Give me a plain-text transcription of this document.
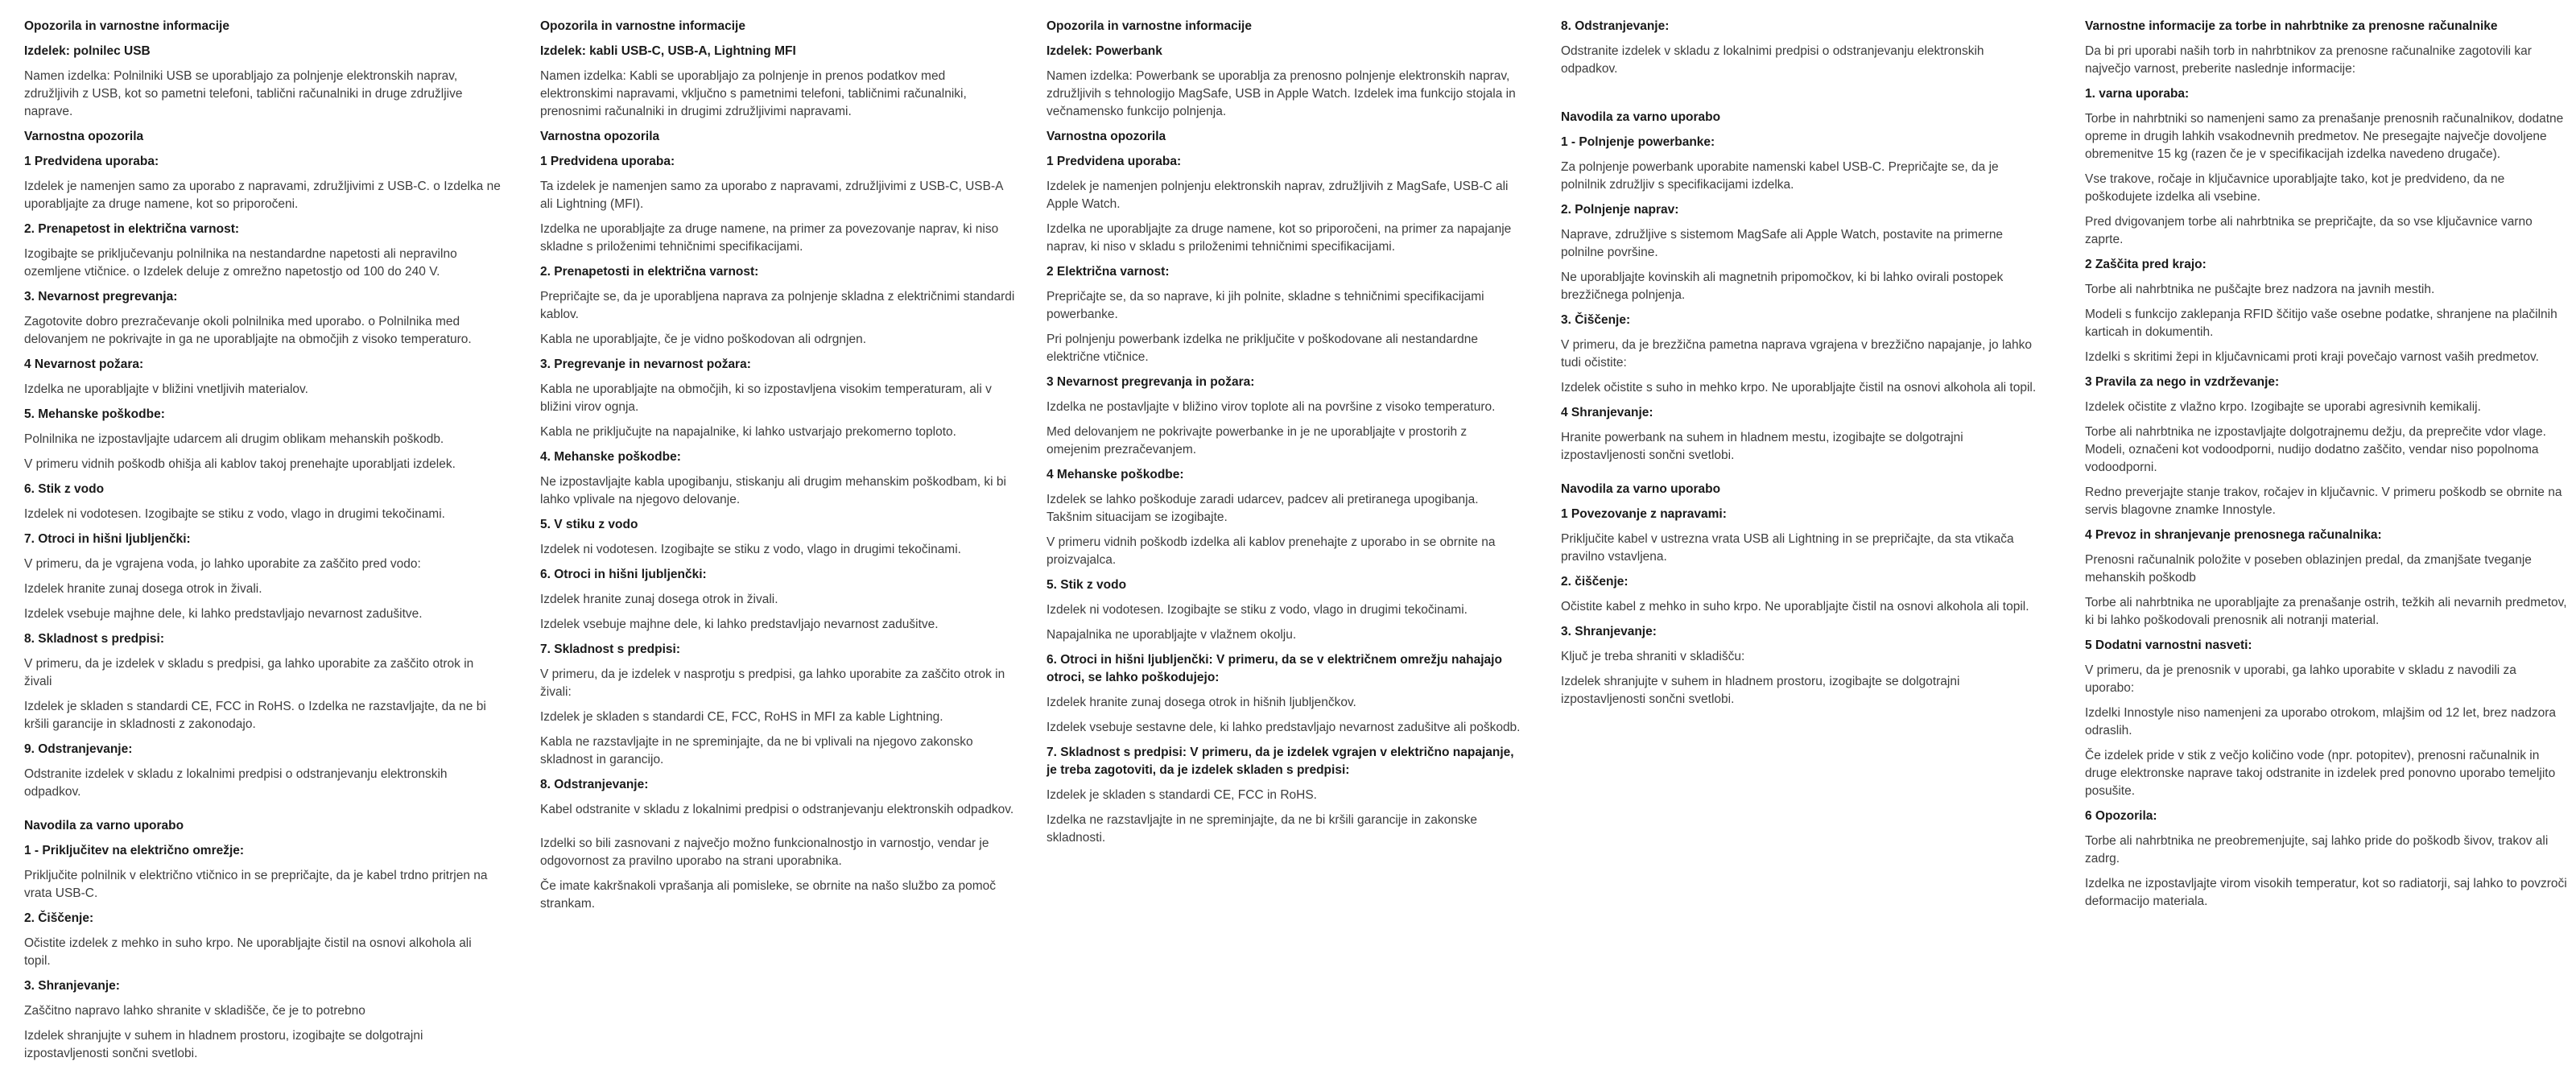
Opozorila in varnostne informacije
Izdelek: polnilec USB
Namen izdelka: Polnilniki USB se uporabljajo za polnjenje elektronskih naprav, združljivih z USB, kot so pametni telefoni, tablični računalniki in druge združljive naprave.
Varnostna opozorila
1 Predvidena uporaba:
Izdelek je namenjen samo za uporabo z napravami, združljivimi z USB-C. o Izdelka ne uporabljajte za druge namene, kot so priporočeni.
2. Prenapetost in električna varnost:
Izogibajte se priključevanju polnilnika na nestandardne napetosti ali nepravilno ozemljene vtičnice. o Izdelek deluje z omrežno napetostjo od 100 do 240 V.
3. Nevarnost pregrevanja:
Zagotovite dobro prezračevanje okoli polnilnika med uporabo. o Polnilnika med delovanjem ne pokrivajte in ga ne uporabljajte na območjih z visoko temperaturo.
4 Nevarnost požara:
Izdelka ne uporabljajte v bližini vnetljivih materialov.
5. Mehanske poškodbe:
Polnilnika ne izpostavljajte udarcem ali drugim oblikam mehanskih poškodb.
V primeru vidnih poškodb ohišja ali kablov takoj prenehajte uporabljati izdelek.
6. Stik z vodo
Izdelek ni vodotesen. Izogibajte se stiku z vodo, vlago in drugimi tekočinami.
7. Otroci in hišni ljubljenčki:
V primeru, da je vgrajena voda, jo lahko uporabite za zaščito pred vodo:
Izdelek hranite zunaj dosega otrok in živali.
Izdelek vsebuje majhne dele, ki lahko predstavljajo nevarnost zadušitve.
8. Skladnost s predpisi:
V primeru, da je izdelek v skladu s predpisi, ga lahko uporabite za zaščito otrok in živali
Izdelek je skladen s standardi CE, FCC in RoHS. o Izdelka ne razstavljajte, da ne bi kršili garancije in skladnosti z zakonodajo.
9. Odstranjevanje:
Odstranite izdelek v skladu z lokalnimi predpisi o odstranjevanju elektronskih odpadkov.
Navodila za varno uporabo
1 - Priključitev na električno omrežje:
Priključite polnilnik v električno vtičnico in se prepričajte, da je kabel trdno pritrjen na vrata USB-C.
2. Čiščenje:
Očistite izdelek z mehko in suho krpo. Ne uporabljajte čistil na osnovi alkohola ali topil.
3. Shranjevanje:
Zaščitno napravo lahko shranite v skladišče, če je to potrebno
Izdelek shranjujte v suhem in hladnem prostoru, izogibajte se dolgotrajni izpostavljenosti sončni svetlobi.
Opozorila in varnostne informacije
Izdelek: kabli USB-C, USB-A, Lightning MFI
Namen izdelka: Kabli se uporabljajo za polnjenje in prenos podatkov med elektronskimi napravami, vključno s pametnimi telefoni, tabličnimi računalniki, prenosnimi računalniki in drugimi združljivimi napravami.
Varnostna opozorila
1 Predvidena uporaba:
Ta izdelek je namenjen samo za uporabo z napravami, združljivimi z USB-C, USB-A ali Lightning (MFI).
Izdelka ne uporabljajte za druge namene, na primer za povezovanje naprav, ki niso skladne s priloženimi tehničnimi specifikacijami.
2. Prenapetosti in električna varnost:
Prepričajte se, da je uporabljena naprava za polnjenje skladna z električnimi standardi kablov.
Kabla ne uporabljajte, če je vidno poškodovan ali odrgnjen.
3. Pregrevanje in nevarnost požara:
Kabla ne uporabljajte na območjih, ki so izpostavljena visokim temperaturam, ali v bližini virov ognja.
Kabla ne priključujte na napajalnike, ki lahko ustvarjajo prekomerno toploto.
4. Mehanske poškodbe:
Ne izpostavljajte kabla upogibanju, stiskanju ali drugim mehanskim poškodbam, ki bi lahko vplivale na njegovo delovanje.
5. V stiku z vodo
Izdelek ni vodotesen. Izogibajte se stiku z vodo, vlago in drugimi tekočinami.
6. Otroci in hišni ljubljenčki:
Izdelek hranite zunaj dosega otrok in živali.
Izdelek vsebuje majhne dele, ki lahko predstavljajo nevarnost zadušitve.
7. Skladnost s predpisi:
V primeru, da je izdelek v nasprotju s predpisi, ga lahko uporabite za zaščito otrok in živali:
Izdelek je skladen s standardi CE, FCC, RoHS in MFI za kable Lightning.
Kabla ne razstavljajte in ne spreminjajte, da ne bi vplivali na njegovo zakonsko skladnost in garancijo.
8. Odstranjevanje:
Kabel odstranite v skladu z lokalnimi predpisi o odstranjevanju elektronskih odpadkov.
Izdelki so bili zasnovani z največjo možno funkcionalnostjo in varnostjo, vendar je odgovornost za pravilno uporabo na strani uporabnika.
Če imate kakršnakoli vprašanja ali pomisleke, se obrnite na našo službo za pomoč strankam.
Opozorila in varnostne informacije
Izdelek: Powerbank
Namen izdelka: Powerbank se uporablja za prenosno polnjenje elektronskih naprav, združljivih s tehnologijo MagSafe, USB in Apple Watch. Izdelek ima funkcijo stojala in večnamensko funkcijo polnjenja.
Varnostna opozorila
1 Predvidena uporaba:
Izdelek je namenjen polnjenju elektronskih naprav, združljivih z MagSafe, USB-C ali Apple Watch.
Izdelka ne uporabljajte za druge namene, kot so priporočeni, na primer za napajanje naprav, ki niso v skladu s priloženimi tehničnimi specifikacijami.
2 Električna varnost:
Prepričajte se, da so naprave, ki jih polnite, skladne s tehničnimi specifikacijami powerbanke.
Pri polnjenju powerbank izdelka ne priključite v poškodovane ali nestandardne električne vtičnice.
3 Nevarnost pregrevanja in požara:
Izdelka ne postavljajte v bližino virov toplote ali na površine z visoko temperaturo.
Med delovanjem ne pokrivajte powerbanke in je ne uporabljajte v prostorih z omejenim prezračevanjem.
4 Mehanske poškodbe:
Izdelek se lahko poškoduje zaradi udarcev, padcev ali pretiranega upogibanja. Takšnim situacijam se izogibajte.
V primeru vidnih poškodb izdelka ali kablov prenehajte z uporabo in se obrnite na proizvajalca.
5. Stik z vodo
Izdelek ni vodotesen. Izogibajte se stiku z vodo, vlago in drugimi tekočinami.
Napajalnika ne uporabljajte v vlažnem okolju.
6. Otroci in hišni ljubljenčki: V primeru, da se v električnem omrežju nahajajo otroci, se lahko poškodujejo:
Izdelek hranite zunaj dosega otrok in hišnih ljubljenčkov.
Izdelek vsebuje sestavne dele, ki lahko predstavljajo nevarnost zadušitve ali poškodb.
7. Skladnost s predpisi: V primeru, da je izdelek vgrajen v električno napajanje, je treba zagotoviti, da je izdelek skladen s predpisi:
Izdelek je skladen s standardi CE, FCC in RoHS.
Izdelka ne razstavljajte in ne spreminjajte, da ne bi kršili garancije in zakonske skladnosti.
8. Odstranjevanje:
Odstranite izdelek v skladu z lokalnimi predpisi o odstranjevanju elektronskih odpadkov.
Navodila za varno uporabo
1 - Polnjenje powerbanke:
Za polnjenje powerbank uporabite namenski kabel USB-C. Prepričajte se, da je polnilnik združljiv s specifikacijami izdelka.
2. Polnjenje naprav:
Naprave, združljive s sistemom MagSafe ali Apple Watch, postavite na primerne polnilne površine.
Ne uporabljajte kovinskih ali magnetnih pripomočkov, ki bi lahko ovirali postopek brezžičnega polnjenja.
3. Čiščenje:
V primeru, da je brezžična pametna naprava vgrajena v brezžično napajanje, jo lahko tudi očistite:
Izdelek očistite s suho in mehko krpo. Ne uporabljajte čistil na osnovi alkohola ali topil.
4 Shranjevanje:
Hranite powerbank na suhem in hladnem mestu, izogibajte se dolgotrajni izpostavljenosti sončni svetlobi.
Navodila za varno uporabo
1 Povezovanje z napravami:
Priključite kabel v ustrezna vrata USB ali Lightning in se prepričajte, da sta vtikača pravilno vstavljena.
2. čiščenje:
Očistite kabel z mehko in suho krpo. Ne uporabljajte čistil na osnovi alkohola ali topil.
3. Shranjevanje:
Ključ je treba shraniti v skladišču:
Izdelek shranjujte v suhem in hladnem prostoru, izogibajte se dolgotrajni izpostavljenosti sončni svetlobi.
Varnostne informacije za torbe in nahrbtnike za prenosne računalnike
Da bi pri uporabi naših torb in nahrbtnikov za prenosne računalnike zagotovili kar največjo varnost, preberite naslednje informacije:
1. varna uporaba:
Torbe in nahrbtniki so namenjeni samo za prenašanje prenosnih računalnikov, dodatne opreme in drugih lahkih vsakodnevnih predmetov. Ne presegajte največje dovoljene obremenitve 15 kg (razen če je v specifikacijah izdelka navedeno drugače).
Vse trakove, ročaje in ključavnice uporabljajte tako, kot je predvideno, da ne poškodujete izdelka ali vsebine.
Pred dvigovanjem torbe ali nahrbtnika se prepričajte, da so vse ključavnice varno zaprte.
2 Zaščita pred krajo:
Torbe ali nahrbtnika ne puščajte brez nadzora na javnih mestih.
Modeli s funkcijo zaklepanja RFID ščitijo vaše osebne podatke, shranjene na plačilnih karticah in dokumentih.
Izdelki s skritimi žepi in ključavnicami proti kraji povečajo varnost vaših predmetov.
3 Pravila za nego in vzdrževanje:
Izdelek očistite z vlažno krpo. Izogibajte se uporabi agresivnih kemikalij.
Torbe ali nahrbtnika ne izpostavljajte dolgotrajnemu dežju, da preprečite vdor vlage. Modeli, označeni kot vodoodporni, nudijo dodatno zaščito, vendar niso popolnoma vodoodporni.
Redno preverjajte stanje trakov, ročajev in ključavnic. V primeru poškodb se obrnite na servis blagovne znamke Innostyle.
4 Prevoz in shranjevanje prenosnega računalnika:
Prenosni računalnik položite v poseben oblazinjen predal, da zmanjšate tveganje mehanskih poškodb
Torbe ali nahrbtnika ne uporabljajte za prenašanje ostrih, težkih ali nevarnih predmetov, ki bi lahko poškodovali prenosnik ali notranji material.
5 Dodatni varnostni nasveti:
V primeru, da je prenosnik v uporabi, ga lahko uporabite v skladu z navodili za uporabo:
Izdelki Innostyle niso namenjeni za uporabo otrokom, mlajšim od 12 let, brez nadzora odraslih.
Če izdelek pride v stik z večjo količino vode (npr. potopitev), prenosni računalnik in druge elektronske naprave takoj odstranite in izdelek pred ponovno uporabo temeljito posušite.
6 Opozorila:
Torbe ali nahrbtnika ne preobremenjujte, saj lahko pride do poškodb šivov, trakov ali zadrg.
Izdelka ne izpostavljajte virom visokih temperatur, kot so radiatorji, saj lahko to povzroči deformacijo materiala.
